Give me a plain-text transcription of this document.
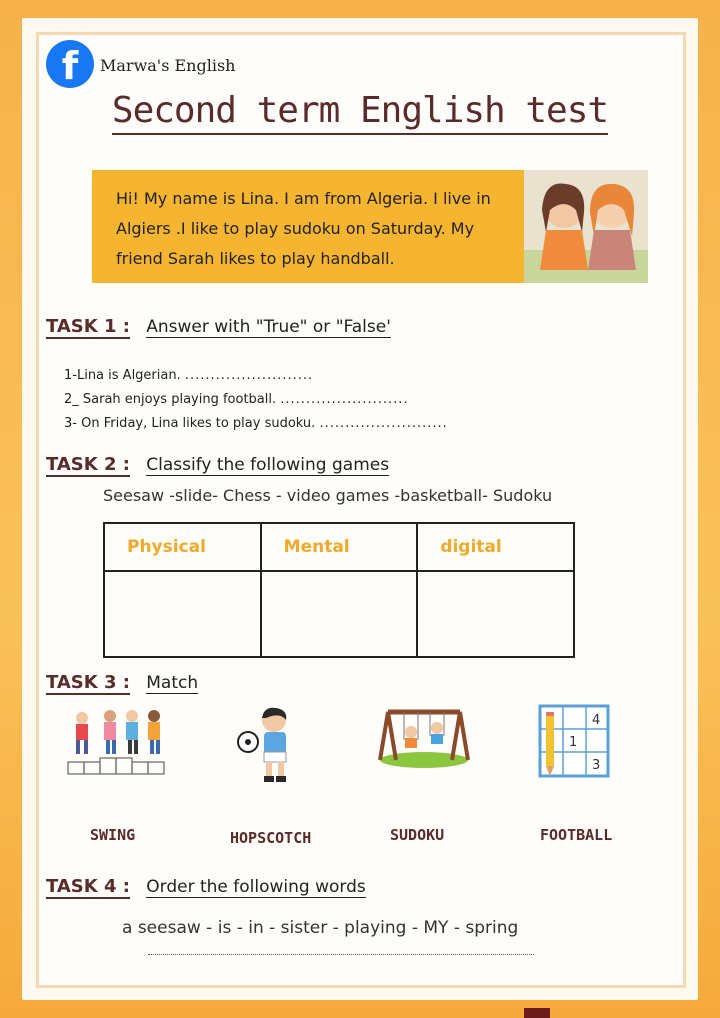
f	Marwa's English
Second term English test
Hi! My name is Lina. I am from Algeria. I live in Algiers .I like to play sudoku on Saturday. My friend Sarah likes to play handball.
TASK 1 : Answer with "True" or "False'
1-Lina is Algerian. .........................
2_ Sarah enjoys playing football. .........................
3- On Friday, Lina likes to play sudoku. .........................
TASK 2 : Classify the following games
Seesaw -slide- Chess - video games -basketball- Sudoku
Physical	Mental	digital

TASK 3 : Match
4
1
3
SWING	HOPSCOTCH	SUDOKU	FOOTBALL
TASK 4 : Order the following words
a seesaw - is - in - sister - playing - MY - spring
